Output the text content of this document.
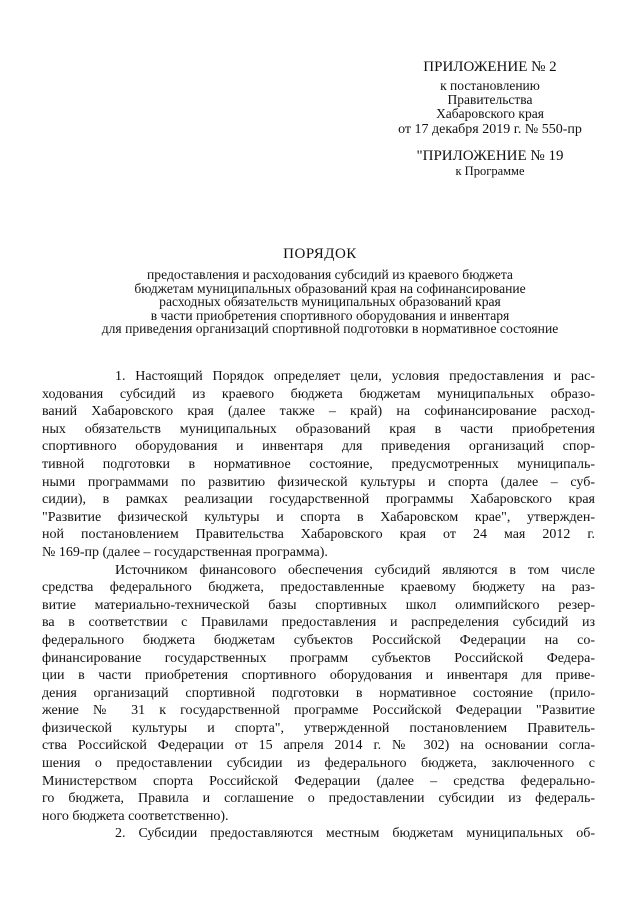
ПРИЛОЖЕНИЕ № 2
к постановлению
Правительства
Хабаровского края
от 17 декабря 2019 г. № 550-пр
"ПРИЛОЖЕНИЕ № 19
к Программе
ПОРЯДОК
предоставления и расходования субсидий из краевого бюджета
бюджетам муниципальных образований края на софинансирование
расходных обязательств муниципальных образований края
в части приобретения спортивного оборудования и инвентаря
для приведения организаций спортивной подготовки в нормативное состояние
1. Настоящий Порядок определяет цели, условия предоставления и рас-
ходования субсидий из краевого бюджета бюджетам муниципальных образо-
ваний Хабаровского края (далее также – край) на софинансирование расход-
ных обязательств муниципальных образований края в части приобретения
спортивного оборудования и инвентаря для приведения организаций спор-
тивной подготовки в нормативное состояние, предусмотренных муниципаль-
ными программами по развитию физической культуры и спорта (далее – суб-
сидии), в рамках реализации государственной программы Хабаровского края
"Развитие физической культуры и спорта в Хабаровском крае", утвержден-
ной постановлением Правительства Хабаровского края от 24 мая 2012 г.
№ 169-пр (далее – государственная программа).
Источником финансового обеспечения субсидий являются в том числе
средства федерального бюджета, предоставленные краевому бюджету на раз-
витие материально-технической базы спортивных школ олимпийского резер-
ва в соответствии с Правилами предоставления и распределения субсидий из
федерального бюджета бюджетам субъектов Российской Федерации на со-
финансирование государственных программ субъектов Российской Федера-
ции в части приобретения спортивного оборудования и инвентаря для приве-
дения организаций спортивной подготовки в нормативное состояние (прило-
жение № 31 к государственной программе Российской Федерации "Развитие
физической культуры и спорта", утвержденной постановлением Правитель-
ства Российской Федерации от 15 апреля 2014 г. № 302) на основании согла-
шения о предоставлении субсидии из федерального бюджета, заключенного с
Министерством спорта Российской Федерации (далее – средства федерально-
го бюджета, Правила и соглашение о предоставлении субсидии из федераль-
ного бюджета соответственно).
2. Субсидии предоставляются местным бюджетам муниципальных об-
